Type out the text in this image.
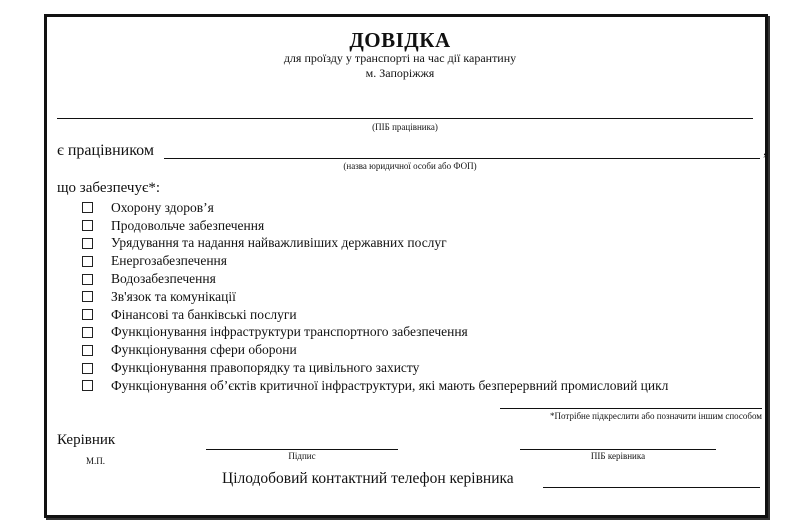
ДОВІДКА
для проїзду у транспорті на час дії карантину
м. Запоріжжя
(ПІБ працівника)
є працівником	,
(назва юридичної особи або ФОП)
що забезпечує*:
Охорону здоров’я
Продовольче забезпечення
Урядування та надання найважливіших державних послуг
Енергозабезпечення
Водозабезпечення
Зв'язок та комунікації
Фінансові та банківські послуги
Функціонування інфраструктури транспортного забезпечення
Функціонування сфери оборони
Функціонування правопорядку та цивільного захисту
Функціонування об’єктів критичної інфраструктури, які мають безперервний промисловий цикл
*Потрібне підкреслити або позначити іншим способом
Керівник
М.П.	Підпис	ПІБ керівника
Цілодобовий контактний телефон керівника
